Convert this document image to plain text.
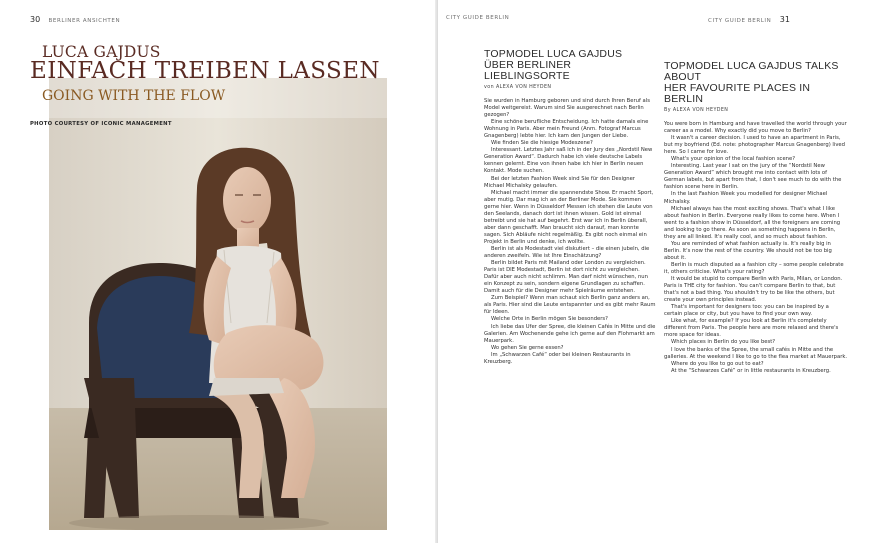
30 BERLINER ANSICHTEN
LUCA GAJDUS
EINFACH TREIBEN LASSEN
GOING WITH THE FLOW
PHOTO COURTESY OF ICONIC MANAGEMENT
CITY GUIDE BERLIN	CITY GUIDE BERLIN 31
TOPMODEL LUCA GAJDUS
ÜBER BERLINER LIEBLINGSORTE
von ALEXA VON HEYDEN

Sie wurden in Hamburg geboren und sind durch Ihren Beruf als Model weitgereist. Warum sind Sie ausgerechnet nach Berlin gezogen?

Eine schöne berufliche Entscheidung. Ich hatte damals eine Wohnung in Paris. Aber mein Freund (Anm. Fotograf Marcus Gnagenberg) lebte hier. Ich kam den Jungen der Liebe.

Wie finden Sie die hiesige Modeszene?

Interessant. Letztes Jahr saß ich in der Jury des „Nordstil New Generation Award“. Dadurch habe ich viele deutsche Labels kennen gelernt. Eine von ihnen habe ich hier in Berlin neuen Kontakt. Mode suchen.

Bei der letzten Fashion Week sind Sie für den Designer Michael Michalsky gelaufen.

Michael macht immer die spannendste Show. Er macht Sport, aber mutig. Dar mag ich an der Berliner Mode. Sie kommen gerne hier. Wenn in Düsseldorf Messen ich stehen die Leute von den Seelands, danach dort ist ihnen wissen. Gold ist einmal betreibt und sie hat auf begehrt. Erst war ich in Berlin überall, aber dann geschafft. Man braucht sich darauf, man konnte sagen. Sich Abläufe nicht regelmäßig. Es gibt noch einmal ein Projekt in Berlin und denke, ich wollte.

Berlin ist als Modestadt viel diskutiert – die einen jubeln, die anderen zweifeln. Wie ist Ihre Einschätzung?

Berlin bildet Paris mit Mailand oder London zu vergleichen. Paris ist DIE Modestadt, Berlin ist dort nicht zu vergleichen. Dafür aber auch nicht schlimm. Man darf nicht wünschen, nun ein Konzept zu sein, sondern eigene Grundlagen zu schaffen. Damit auch für die Designer mehr Spielräume entstehen.

Zum Beispiel? Wenn man schaut sich Berlin ganz anders an, als Paris. Hier sind die Leute entspannter und es gibt mehr Raum für Ideen.

Welche Orte in Berlin mögen Sie besonders?

Ich liebe das Ufer der Spree, die kleinen Cafés in Mitte und die Galerien. Am Wochenende gehe ich gerne auf den Flohmarkt am Mauerpark.

Wo gehen Sie gerne essen?

Im „Schwarzen Café“ oder bei kleinen Restaurants in Kreuzberg.

TOPMODEL LUCA GAJDUS TALKS ABOUT
HER FAVOURITE PLACES IN BERLIN
By ALEXA VON HEYDEN

You were born in Hamburg and have travelled the world through your career as a model. Why exactly did you move to Berlin?

It wasn't a career decision. I used to have an apartment in Paris, but my boyfriend (Ed. note: photographer Marcus Gnagenberg) lived here. So I came for love.

What's your opinion of the local fashion scene?

Interesting. Last year I sat on the jury of the “Nordstil New Generation Award” which brought me into contact with lots of German labels, but apart from that, I don't see much to do with the fashion scene here in Berlin.

In the last Fashion Week you modelled for designer Michael Michalsky.

Michael always has the most exciting shows. That's what I like about fashion in Berlin. Everyone really likes to come here. When I went to a fashion show in Düsseldorf, all the foreigners are coming and looking to go there. As soon as something happens in Berlin, they are all linked. It's really cool, and so much about fashion.

You are reminded of what fashion actually is. It's really big in Berlin. It's now the rest of the country. We should not be too big about it.

Berlin is much disputed as a fashion city – some people celebrate it, others criticise. What's your rating?

It would be stupid to compare Berlin with Paris, Milan, or London. Paris is THE city for fashion. You can't compare Berlin to that, but that's not a bad thing. You shouldn't try to be like the others, but create your own principles instead.

That's important for designers too: you can be inspired by a certain place or city, but you have to find your own way.

Like what, for example? If you look at Berlin it's completely different from Paris. The people here are more relaxed and there's more space for ideas.

Which places in Berlin do you like best?

I love the banks of the Spree, the small cafés in Mitte and the galleries. At the weekend I like to go to the flea market at Mauerpark.

Where do you like to go out to eat?

At the “Schwarzes Café” or in little restaurants in Kreuzberg.
